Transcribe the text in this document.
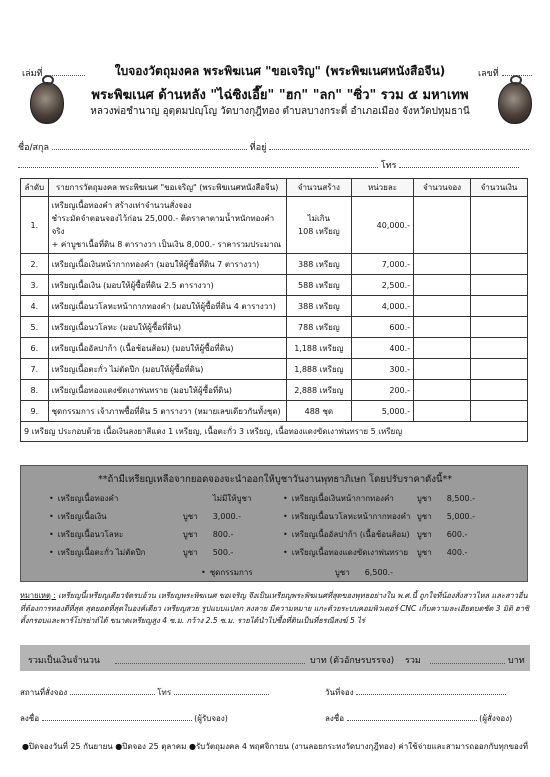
เล่มที่	ใบจองวัตถุมงคล พระพิฆเนศ "ขอเจริญ" (พระพิฆเนศหนังสือจีน)	เลขที่
พระพิฆเนศ ด้านหลัง "ไฉ่ซิงเอี๊ย" "ฮก" "ลก" "ซิ่ว" รวม ๕ มหาเทพ
หลวงพ่อชำนาญ อุตฺตมปญฺโญ วัดบางกุฎีทอง ตำบลบางกระดี่ อำเภอเมือง จังหวัดปทุมธานี
ชื่อ/สกุล	ที่อยู่
โทร
ลำดับ	รายการวัตถุมงคล พระพิฆเนศ "ขอเจริญ" (พระพิฆเนศหนังสือจีน)	จำนวนสร้าง	หน่วยละ	จำนวนจอง	จำนวนเงิน
1.	เหรียญเนื้อทองคำ สร้างเท่าจำนวนสั่งจอง
ชำระมัดจำตอนจองไว้ก่อน 25,000.- ติดราคาตามน้ำหนักทองคำจริง
+ ค่าบูชาเนื้อที่ดิน 8 ตารางวา เป็นเงิน 8,000.- ราคารวมประมาณ	ไม่เกิน
108 เหรียญ	40,000.-		
2.	เหรียญเนื้อเงินหน้ากากทองคำ (มอบให้ผู้ซื้อที่ดิน 7 ตารางวา)	388 เหรียญ	7,000.-		
3.	เหรียญเนื้อเงิน (มอบให้ผู้ซื้อที่ดิน 2.5 ตารางวา)	588 เหรียญ	2,500.-		
4.	เหรียญเนื้อนวโลหะหน้ากากทองคำ (มอบให้ผู้ซื้อที่ดิน 4 ตารางวา)	388 เหรียญ	4,000.-		
5.	เหรียญเนื้อนวโลหะ (มอบให้ผู้ซื้อที่ดิน)	788 เหรียญ	600.-		
6.	เหรียญเนื้ออัลปาก้า (เนื้อช้อนส้อม) (มอบให้ผู้ซื้อที่ดิน)	1,188 เหรียญ	400.-		
7.	เหรียญเนื้อตะกั่ว ไม่ตัดปีก (มอบให้ผู้ซื้อที่ดิน)	1,888 เหรียญ	300.-		
8.	เหรียญเนื้อทองแดงขัดเงาพ่นทราย (มอบให้ผู้ซื้อที่ดิน)	2,888 เหรียญ	200.-		
9.	ชุดกรรมการ เจ้าภาพซื้อที่ดิน 5 ตารางวา (หมายเลขเดียวกันทั้งชุด)	488 ชุด	5,000.-		
9 เหรียญ ประกอบด้วย เนื้อเงินลงยาสีแดง 1 เหรียญ, เนื้อตะกั่ว 3 เหรียญ, เนื้อทองแดงขัดเงาพ่นทราย 5 เหรียญ					
**ถ้ามีเหรียญเหลือจากยอดจองจะนำออกให้บูชาวันงานพุทธาภิเษก โดยปรับราคาดังนี้**
• เหรียญเนื้อทองคำ	ไม่มีให้บูชา
• เหรียญเนื้อเงิน	บูชา 3,000.-
• เหรียญเนื้อนวโลหะ	บูชา 800.-
• เหรียญเนื้อตะกั่ว ไม่ตัดปีก	บูชา 500.-
• เหรียญเนื้อเงินหน้ากากทองคำ	บูชา 8,500.-
• เหรียญเนื้อนวโลหะหน้ากากทองคำ บูชา 5,000.-
• เหรียญเนื้ออัลปาก้า (เนื้อช้อนส้อม) บูชา 600.-
• เหรียญเนื้อทองแดงขัดเงาพ่นทราย บูชา 400.-
• ชุดกรรมการ	บูชา 6,500.-
หมายเหตุ : เหรียญนี้เหรียญเดียวจัดรบอ้วน เหรียญพระพิฆเนศ ขอเจริญ จึงเป็นเหรียญพระพิฆเนศที่สุดของพุทธอย่างใน พ.ศ.นี้ ถูกใจที่น้องสั่งสาวไหล และสาวอื่น ที่ต้องการทองดีที่สุด สุดยอดที่สุดในองค์เดียว เหรียญสวย รูปแบบแปลก ลงลาย มีความหมาย แกะด้วยระบบคอมพิวเตอร์ CNC เก็บความละเอียดบดชัด 3 มิติ ฮาซิตั้งกรอบและพาร์โปรย่าถ์ได้ ขนาดเหรียญสูง 4 ซ.ม. กว้าง 2.5 ซ.ม. รายได้นำไปซื้อที่ดินเป็นที่ธรณีสงฆ์ 5 ไร่
รวมเป็นเงินจำนวน	บาท (ตัวอักษรบรรจง) รวม	บาท
สถานที่สั่งจอง	โทร	วันที่จอง
ลงชื่อ	(ผู้รับจอง)	ลงชื่อ	(ผู้สั่งจอง)
●ปิดจองวันที่ 25 กันยายน ●ปิดจอง 25 ตุลาคม ●รับวัตถุมงคล 4 พฤศจิกายน (งานลอยกระทงวัดบางกุฎีทอง) ค่าใช้จ่ายและสามารถออกกับทุกของที่
